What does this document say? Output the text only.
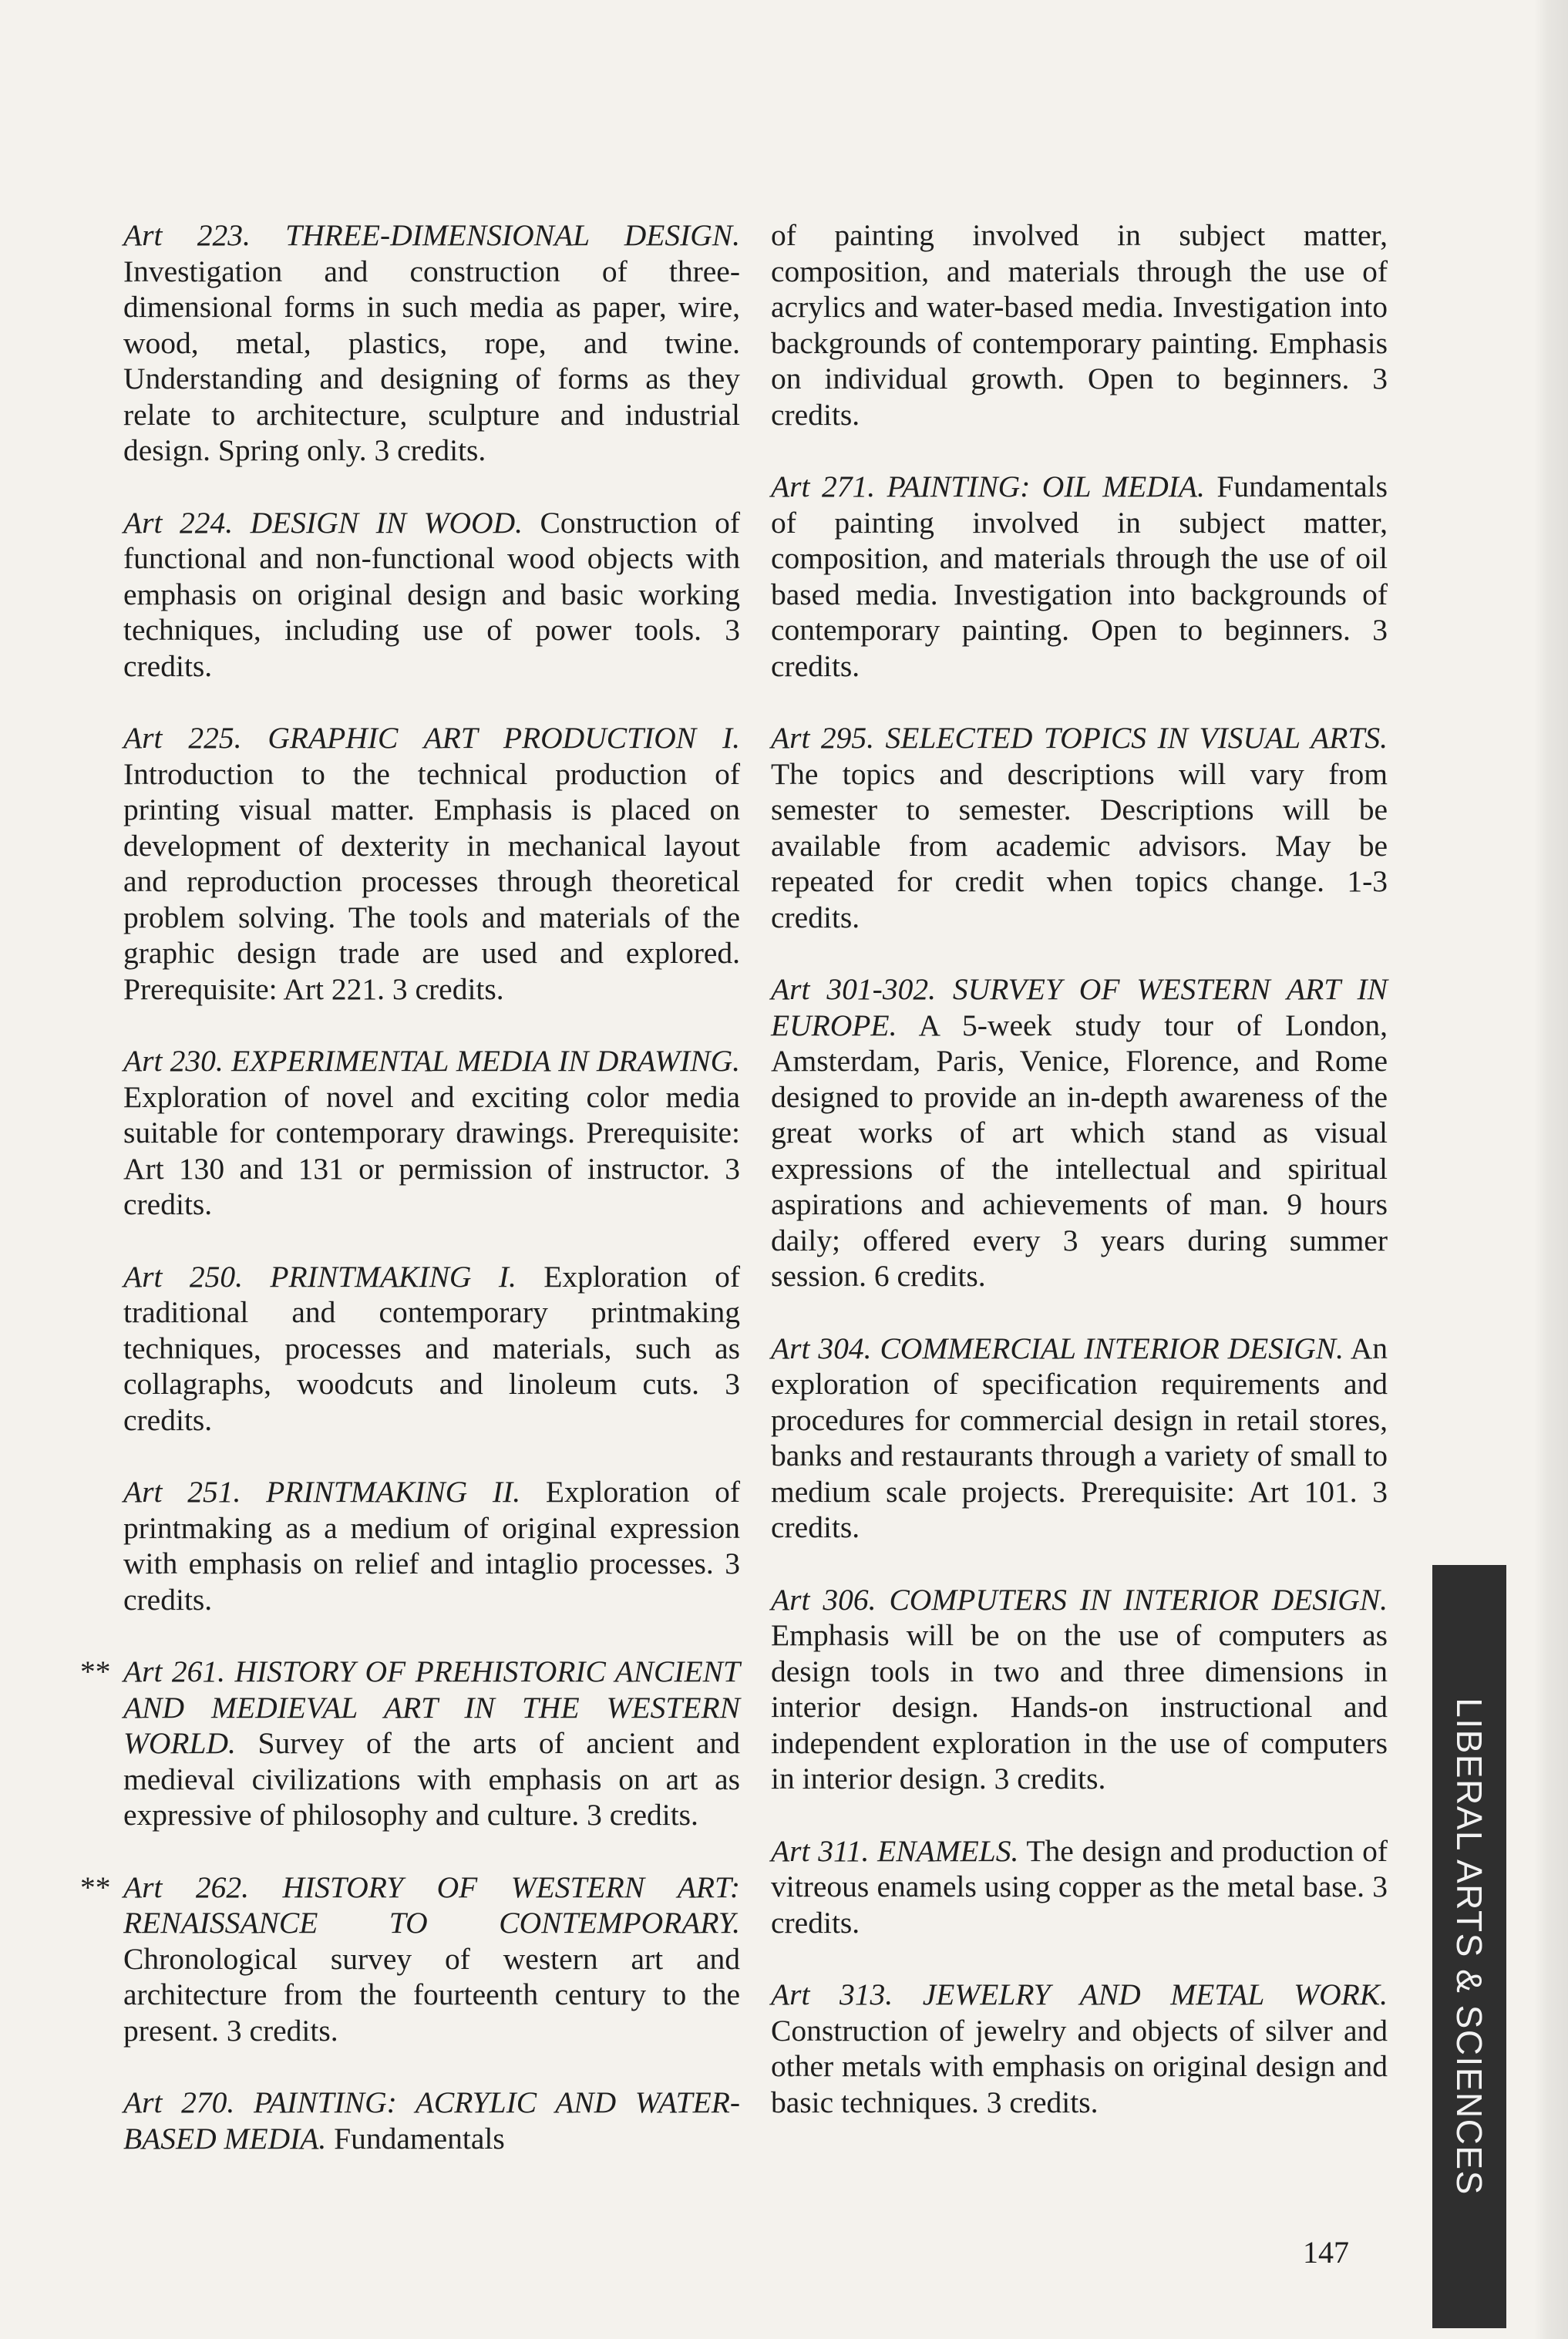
Art 223. THREE-DIMENSIONAL DESIGN. Investigation and construction of three-dimensional forms in such media as paper, wire, wood, metal, plastics, rope, and twine. Understanding and designing of forms as they relate to architecture, sculpture and industrial design. Spring only. 3 credits.

Art 224. DESIGN IN WOOD. Construction of functional and non-functional wood objects with emphasis on original design and basic working techniques, including use of power tools. 3 credits.

Art 225. GRAPHIC ART PRODUCTION I. Introduction to the technical production of printing visual matter. Emphasis is placed on development of dexterity in mechanical layout and reproduction processes through theoretical problem solving. The tools and materials of the graphic design trade are used and explored. Prerequisite: Art 221. 3 credits.

Art 230. EXPERIMENTAL MEDIA IN DRAWING. Exploration of novel and exciting color media suitable for contemporary drawings. Prerequisite: Art 130 and 131 or permission of instructor. 3 credits.

Art 250. PRINTMAKING I. Exploration of traditional and contemporary printmaking techniques, processes and materials, such as collagraphs, woodcuts and linoleum cuts. 3 credits.

Art 251. PRINTMAKING II. Exploration of printmaking as a medium of original expression with emphasis on relief and intaglio processes. 3 credits.

** Art 261. HISTORY OF PREHISTORIC ANCIENT AND MEDIEVAL ART IN THE WESTERN WORLD. Survey of the arts of ancient and medieval civilizations with emphasis on art as expressive of philosophy and culture. 3 credits.

** Art 262. HISTORY OF WESTERN ART: RENAISSANCE TO CONTEMPORARY. Chronological survey of western art and architecture from the fourteenth century to the present. 3 credits.

Art 270. PAINTING: ACRYLIC AND WATER-BASED MEDIA. Fundamentals

of painting involved in subject matter, composition, and materials through the use of acrylics and water-based media. Investigation into backgrounds of contemporary painting. Emphasis on individual growth. Open to beginners. 3 credits.

Art 271. PAINTING: OIL MEDIA. Fundamentals of painting involved in subject matter, composition, and materials through the use of oil based media. Investigation into backgrounds of contemporary painting. Open to beginners. 3 credits.

Art 295. SELECTED TOPICS IN VISUAL ARTS. The topics and descriptions will vary from semester to semester. Descriptions will be available from academic advisors. May be repeated for credit when topics change. 1-3 credits.

Art 301-302. SURVEY OF WESTERN ART IN EUROPE. A 5-week study tour of London, Amsterdam, Paris, Venice, Florence, and Rome designed to provide an in-depth awareness of the great works of art which stand as visual expressions of the intellectual and spiritual aspirations and achievements of man. 9 hours daily; offered every 3 years during summer session. 6 credits.

Art 304. COMMERCIAL INTERIOR DESIGN. An exploration of specification requirements and procedures for commercial design in retail stores, banks and restaurants through a variety of small to medium scale projects. Prerequisite: Art 101. 3 credits.

Art 306. COMPUTERS IN INTERIOR DESIGN. Emphasis will be on the use of computers as design tools in two and three dimensions in interior design. Hands-on instructional and independent exploration in the use of computers in interior design. 3 credits.

Art 311. ENAMELS. The design and production of vitreous enamels using copper as the metal base. 3 credits.

Art 313. JEWELRY AND METAL WORK. Construction of jewelry and objects of silver and other metals with emphasis on original design and basic techniques. 3 credits.	LIBERAL ARTS & SCIENCES
147
